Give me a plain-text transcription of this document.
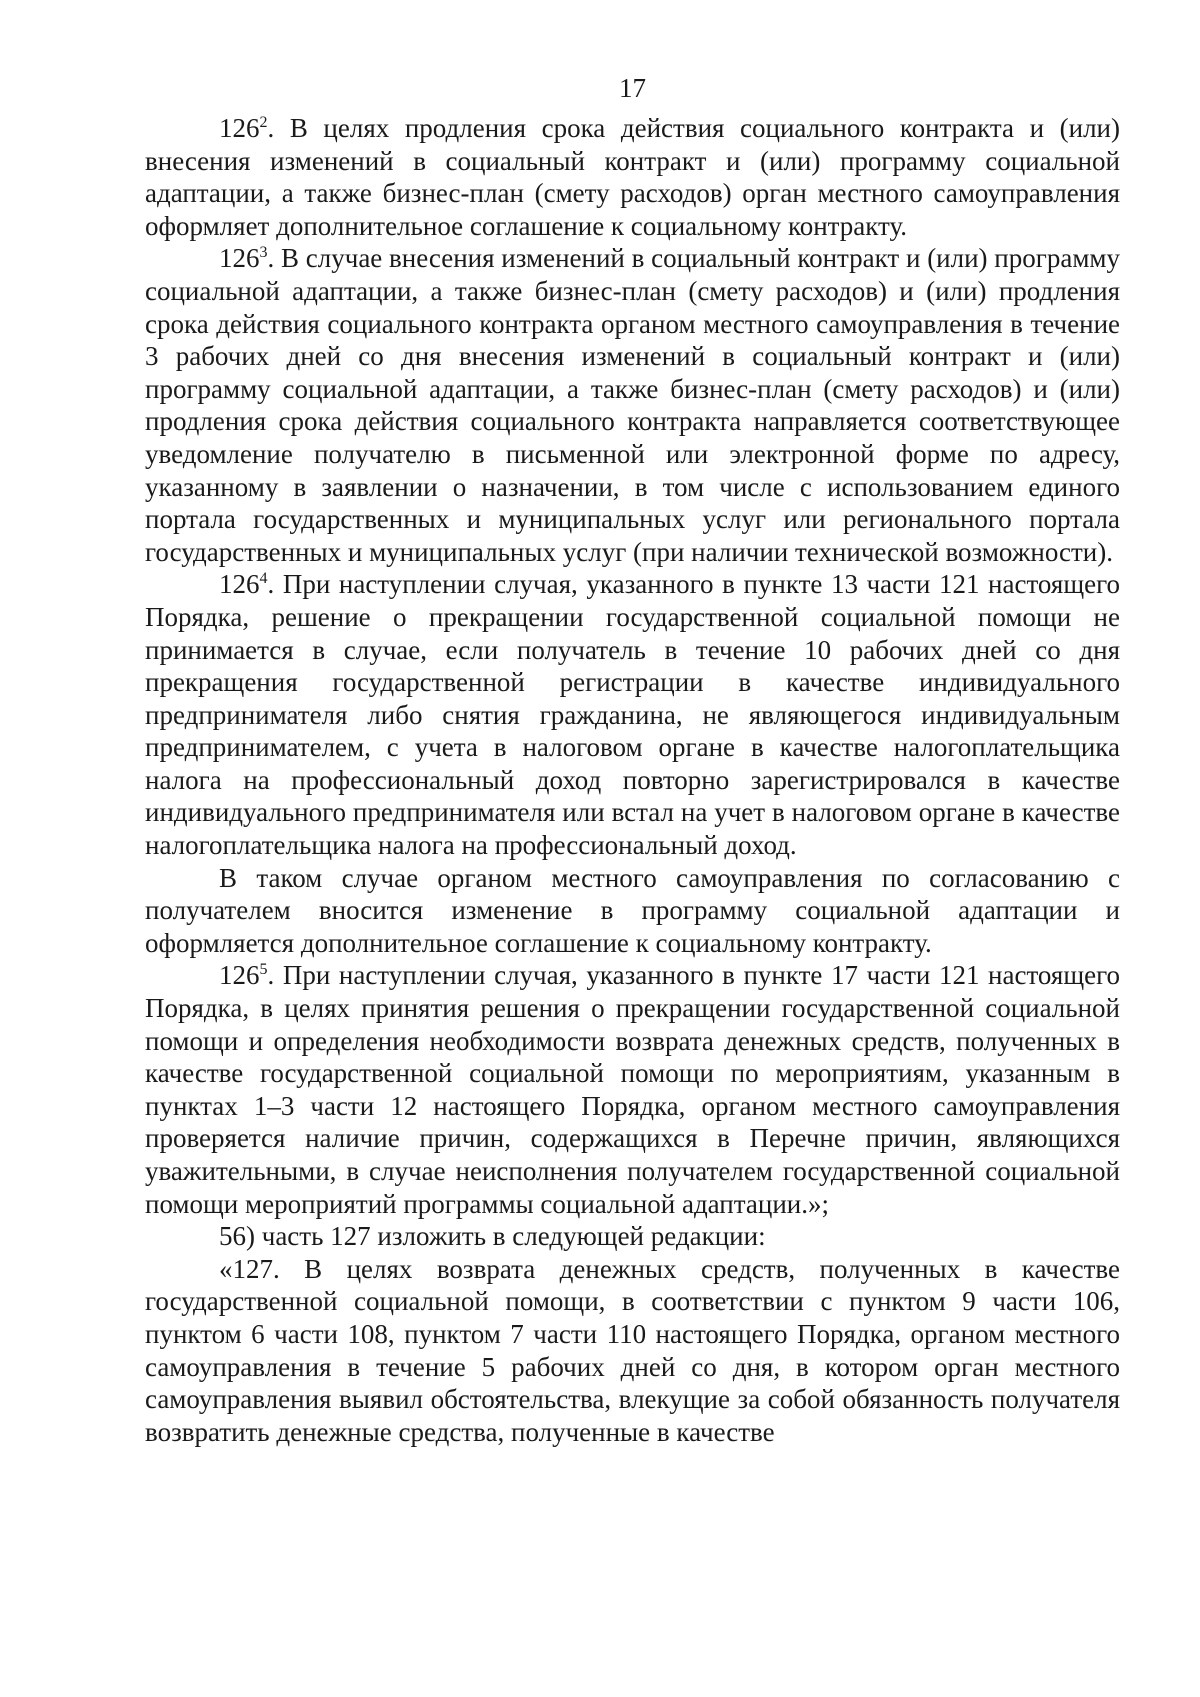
17

$126^2$. В целях продления срока действия социального контракта и (или) внесения изменений в социальный контракт и (или) программу социальной адаптации, а также бизнес-план (смету расходов) орган местного самоуправления оформляет дополнительное соглашение к социальному контракту.

$126^3$. В случае внесения изменений в социальный контракт и (или) программу социальной адаптации, а также бизнес-план (смету расходов) и (или) продления срока действия социального контракта органом местного самоуправления в течение 3 рабочих дней со дня внесения изменений в социальный контракт и (или) программу социальной адаптации, а также бизнес-план (смету расходов) и (или) продления срока действия социального контракта направляется соответствующее уведомление получателю в письменной или электронной форме по адресу, указанному в заявлении о назначении, в том числе с использованием единого портала государственных и муниципальных услуг или регионального портала государственных и муниципальных услуг (при наличии технической возможности).

$126^4$. При наступлении случая, указанного в пункте 13 части 121 настоящего Порядка, решение о прекращении государственной социальной помощи не принимается в случае, если получатель в течение 10 рабочих дней со дня прекращения государственной регистрации в качестве индивидуального предпринимателя либо снятия гражданина, не являющегося индивидуальным предпринимателем, с учета в налоговом органе в качестве налогоплательщика налога на профессиональный доход повторно зарегистрировался в качестве индивидуального предпринимателя или встал на учет в налоговом органе в качестве налогоплательщика налога на профессиональный доход.

В таком случае органом местного самоуправления по согласованию с получателем вносится изменение в программу социальной адаптации и оформляется дополнительное соглашение к социальному контракту.

$126^5$. При наступлении случая, указанного в пункте 17 части 121 настоящего Порядка, в целях принятия решения о прекращении государственной социальной помощи и определения необходимости возврата денежных средств, полученных в качестве государственной социальной помощи по мероприятиям, указанным в пунктах 1–3 части 12 настоящего Порядка, органом местного самоуправления проверяется наличие причин, содержащихся в Перечне причин, являющихся уважительными, в случае неисполнения получателем государственной социальной помощи мероприятий программы социальной адаптации.»;

56) часть 127 изложить в следующей редакции:

«127. В целях возврата денежных средств, полученных в качестве государственной социальной помощи, в соответствии с пунктом 9 части 106, пунктом 6 части 108, пунктом 7 части 110 настоящего Порядка, органом местного самоуправления в течение 5 рабочих дней со дня, в котором орган местного самоуправления выявил обстоятельства, влекущие за собой обязанность получателя возвратить денежные средства, полученные в качестве
